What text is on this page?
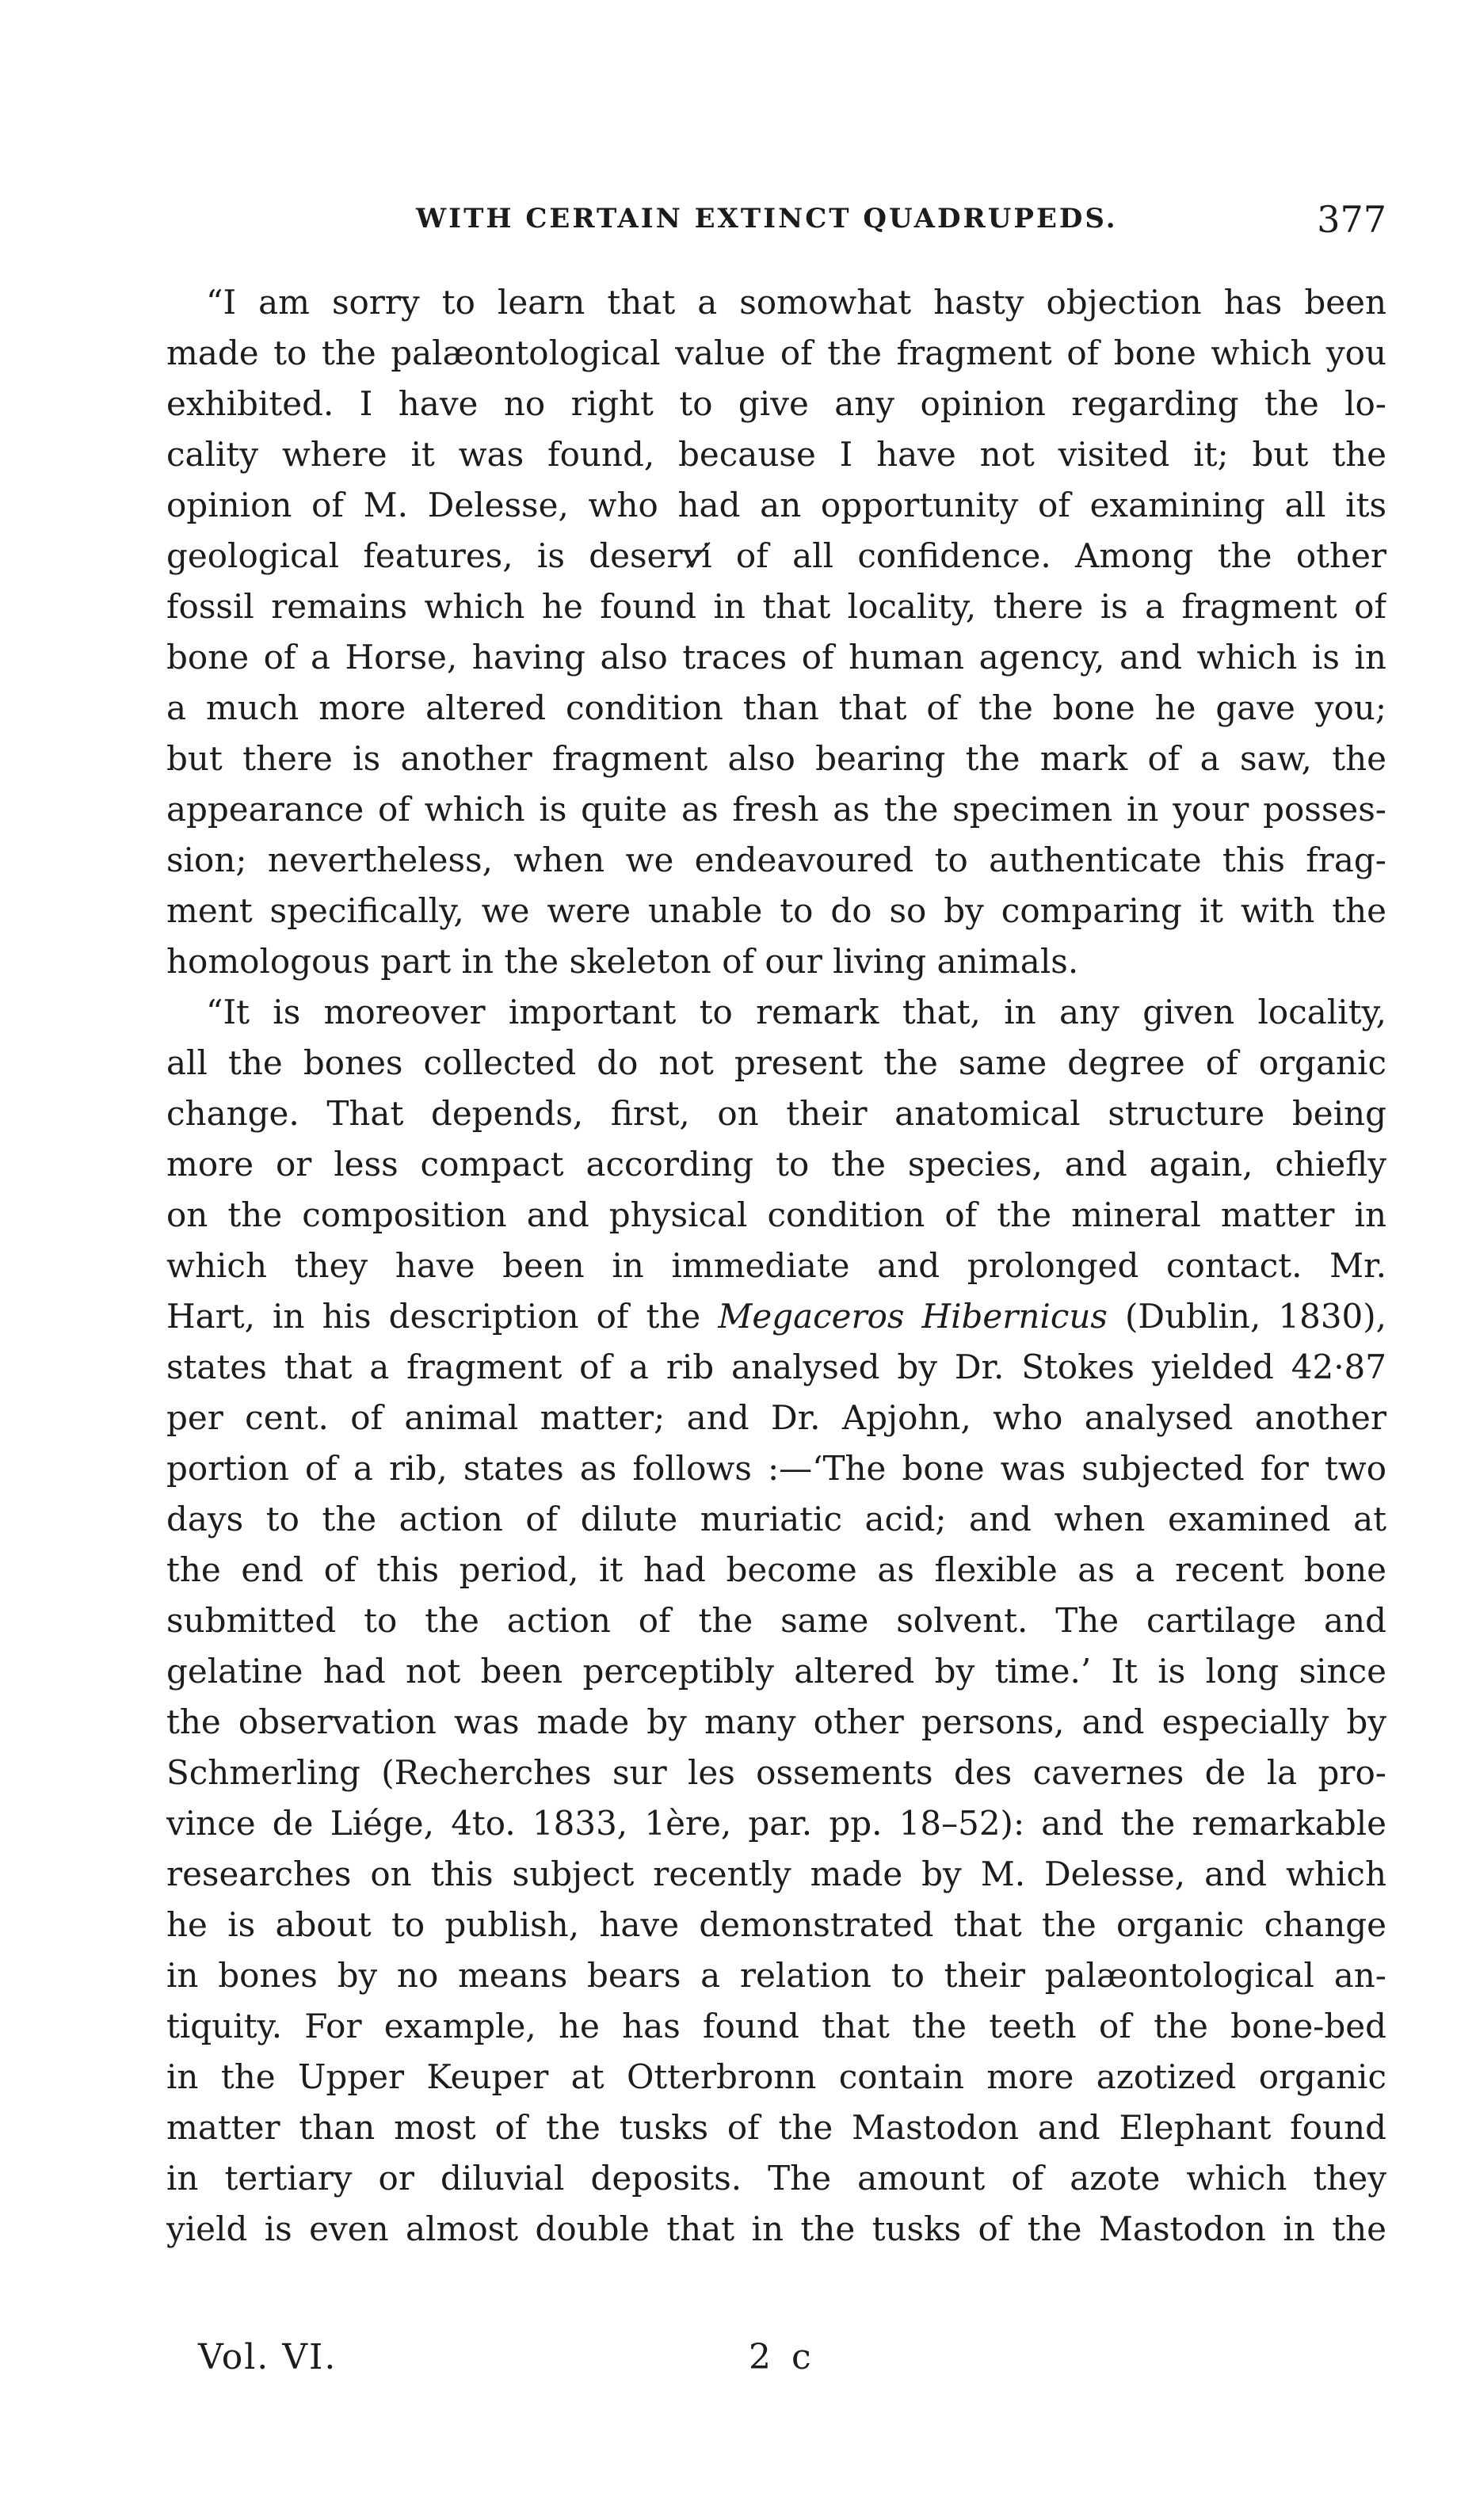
WITH CERTAIN EXTINCT QUADRUPEDS.	377
“I am sorry to learn that a somowhat hasty objection has been
made to the palæontological value of the fragment of bone which you
exhibited. I have no right to give any opinion regarding the lo-
cality where it was found, because I have not visited it; but the
opinion of M. Delesse, who had an opportunity of examining all its
geological features, is deservi̸ of all confidence. Among the other
fossil remains which he found in that locality, there is a fragment of
bone of a Horse, having also traces of human agency, and which is in
a much more altered condition than that of the bone he gave you;
but there is another fragment also bearing the mark of a saw, the
appearance of which is quite as fresh as the specimen in your posses-
sion; nevertheless, when we endeavoured to authenticate this frag-
ment specifically, we were unable to do so by comparing it with the
homologous part in the skeleton of our living animals.
“It is moreover important to remark that, in any given locality,
all the bones collected do not present the same degree of organic
change. That depends, first, on their anatomical structure being
more or less compact according to the species, and again, chiefly
on the composition and physical condition of the mineral matter in
which they have been in immediate and prolonged contact. Mr.
Hart, in his description of the Megaceros Hibernicus (Dublin, 1830),
states that a fragment of a rib analysed by Dr. Stokes yielded 42·87
per cent. of animal matter; and Dr. Apjohn, who analysed another
portion of a rib, states as follows :—‘The bone was subjected for two
days to the action of dilute muriatic acid; and when examined at
the end of this period, it had become as flexible as a recent bone
submitted to the action of the same solvent. The cartilage and
gelatine had not been perceptibly altered by time.’ It is long since
the observation was made by many other persons, and especially by
Schmerling (Recherches sur les ossements des cavernes de la pro-
vince de Liége, 4to. 1833, 1ère, par. pp. 18–52): and the remarkable
researches on this subject recently made by M. Delesse, and which
he is about to publish, have demonstrated that the organic change
in bones by no means bears a relation to their palæontological an-
tiquity. For example, he has found that the teeth of the bone-bed
in the Upper Keuper at Otterbronn contain more azotized organic
matter than most of the tusks of the Mastodon and Elephant found
in tertiary or diluvial deposits. The amount of azote which they
yield is even almost double that in the tusks of the Mastodon in the
Vol. VI.	2 c
